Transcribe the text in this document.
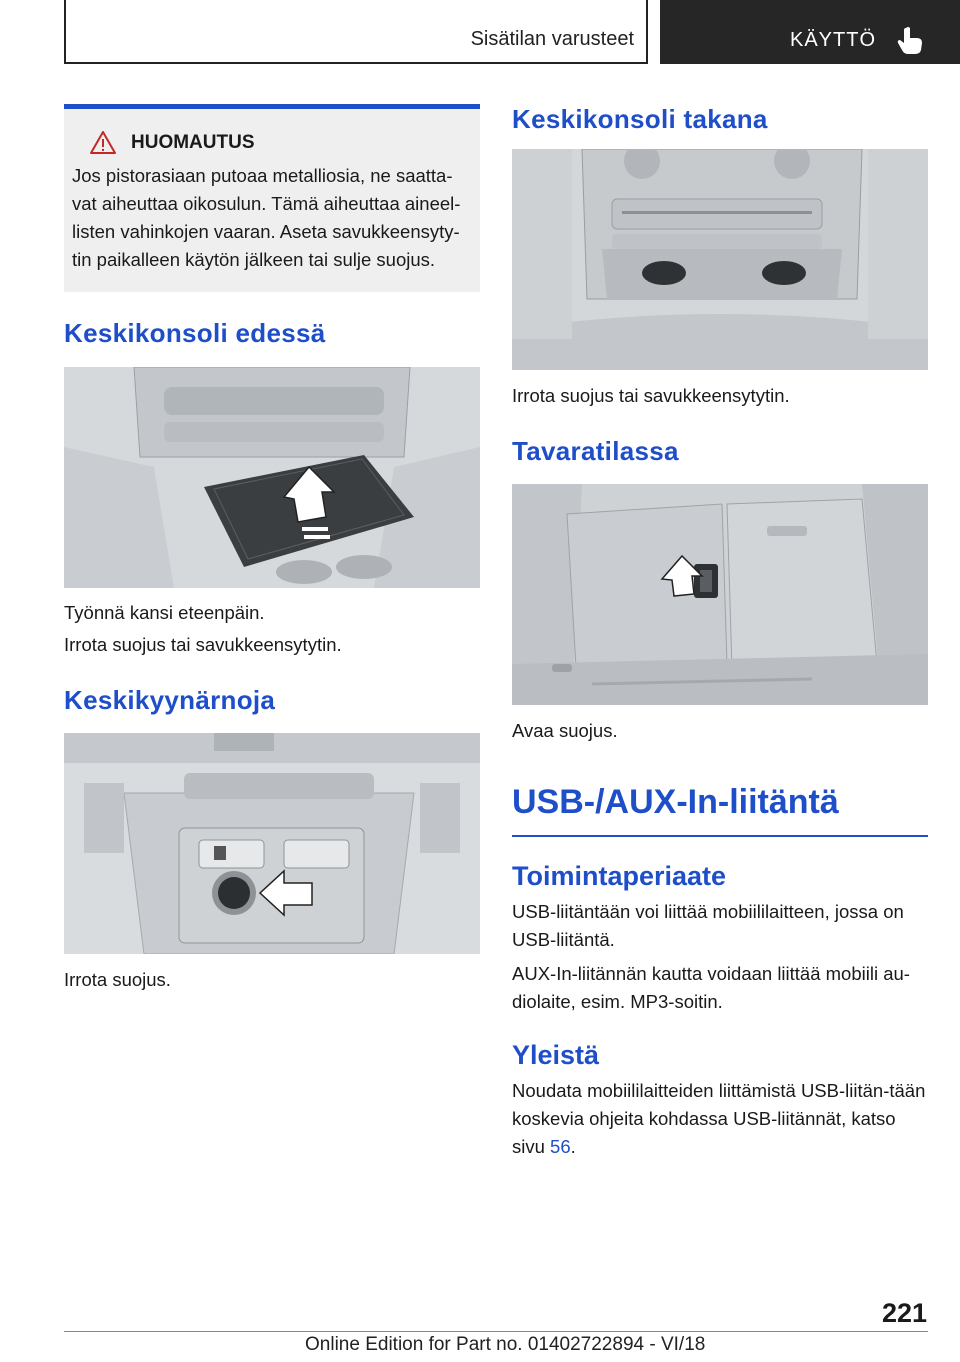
Sisätilan varusteet	KÄYTTÖ
HUOMAUTUS

Jos pistorasiaan putoaa metalliosia, ne saatta-vat aiheuttaa oikosulun. Tämä aiheuttaa aineel-listen vahinkojen vaaran. Aseta savukkeensyty-tin paikalleen käytön jälkeen tai sulje suojus.

Keskikonsoli edessä

Työnnä kansi eteenpäin.

Irrota suojus tai savukkeensytytin.

Keskikyynärnoja

Irrota suojus.

Keskikonsoli takana

Irrota suojus tai savukkeensytytin.

Tavaratilassa

Avaa suojus.

USB-/AUX-In-liitäntä
Toimintaperiaate

USB-liitäntään voi liittää mobiililaitteen, jossa on USB-liitäntä.

AUX-In-liitännän kautta voidaan liittää mobiili au-diolaite, esim. MP3-soitin.

Yleistä

Noudata mobiililaitteiden liittämistä USB-liitän-tään koskevia ohjeita kohdassa USB-liitännät, katso sivu 56.

221
Online Edition for Part no. 01402722894 - VI/18
